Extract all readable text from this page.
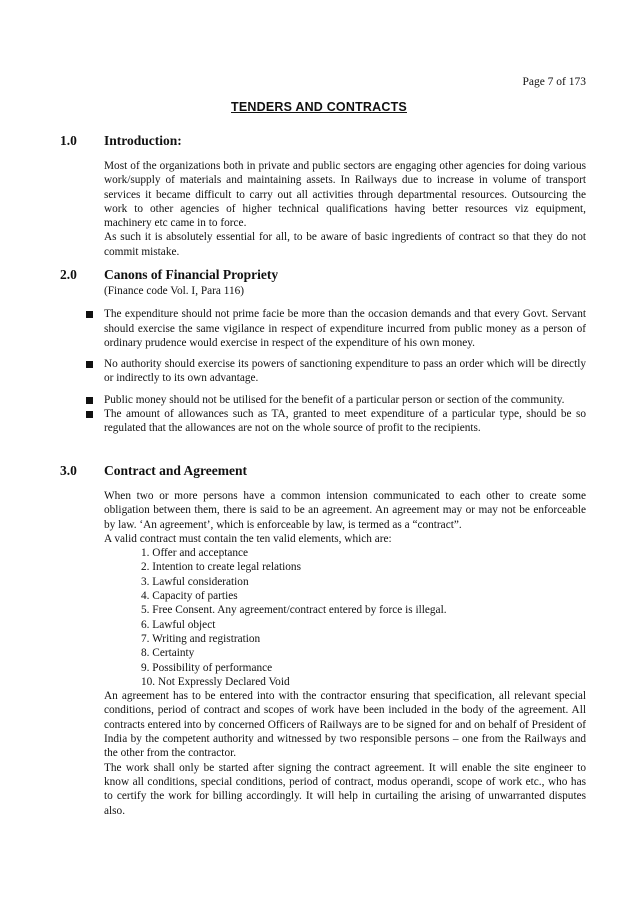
Page 7 of 173
TENDERS AND CONTRACTS
1.0 Introduction:

Most of the organizations both in private and public sectors are engaging other agencies for doing various work/supply of materials and maintaining assets. In Railways due to increase in volume of transport services it became difficult to carry out all activities through departmental resources. Outsourcing the work to other agencies of higher technical qualifications having better resources viz equipment, machinery etc came in to force.

As such it is absolutely essential for all, to be aware of basic ingredients of contract so that they do not commit mistake.

2.0 Canons of Financial Propriety

(Finance code Vol. I, Para 116)

The expenditure should not prime facie be more than the occasion demands and that every Govt. Servant should exercise the same vigilance in respect of expenditure incurred from public money as a person of ordinary prudence would exercise in respect of the expenditure of his own money.
No authority should exercise its powers of sanctioning expenditure to pass an order which will be directly or indirectly to its own advantage.
Public money should not be utilised for the benefit of a particular person or section of the community.
The amount of allowances such as TA, granted to meet expenditure of a particular type, should be so regulated that the allowances are not on the whole source of profit to the recipients.
3.0 Contract and Agreement

When two or more persons have a common intension communicated to each other to create some obligation between them, there is said to be an agreement. An agreement may or may not be enforceable by law. ‘An agreement’, which is enforceable by law, is termed as a “contract”.

A valid contract must contain the ten valid elements, which are:

1. Offer and acceptance
2. Intention to create legal relations
3. Lawful consideration
4. Capacity of parties
5. Free Consent. Any agreement/contract entered by force is illegal.
6. Lawful object
7. Writing and registration
8. Certainty
9. Possibility of performance
10. Not Expressly Declared Void

An agreement has to be entered into with the contractor ensuring that specification, all relevant special conditions, period of contract and scopes of work have been included in the body of the agreement. All contracts entered into by concerned Officers of Railways are to be signed for and on behalf of President of India by the competent authority and witnessed by two responsible persons – one from the Railways and the other from the contractor.

The work shall only be started after signing the contract agreement. It will enable the site engineer to know all conditions, special conditions, period of contract, modus operandi, scope of work etc., who has to certify the work for billing accordingly. It will help in curtailing the arising of unwarranted disputes also.
